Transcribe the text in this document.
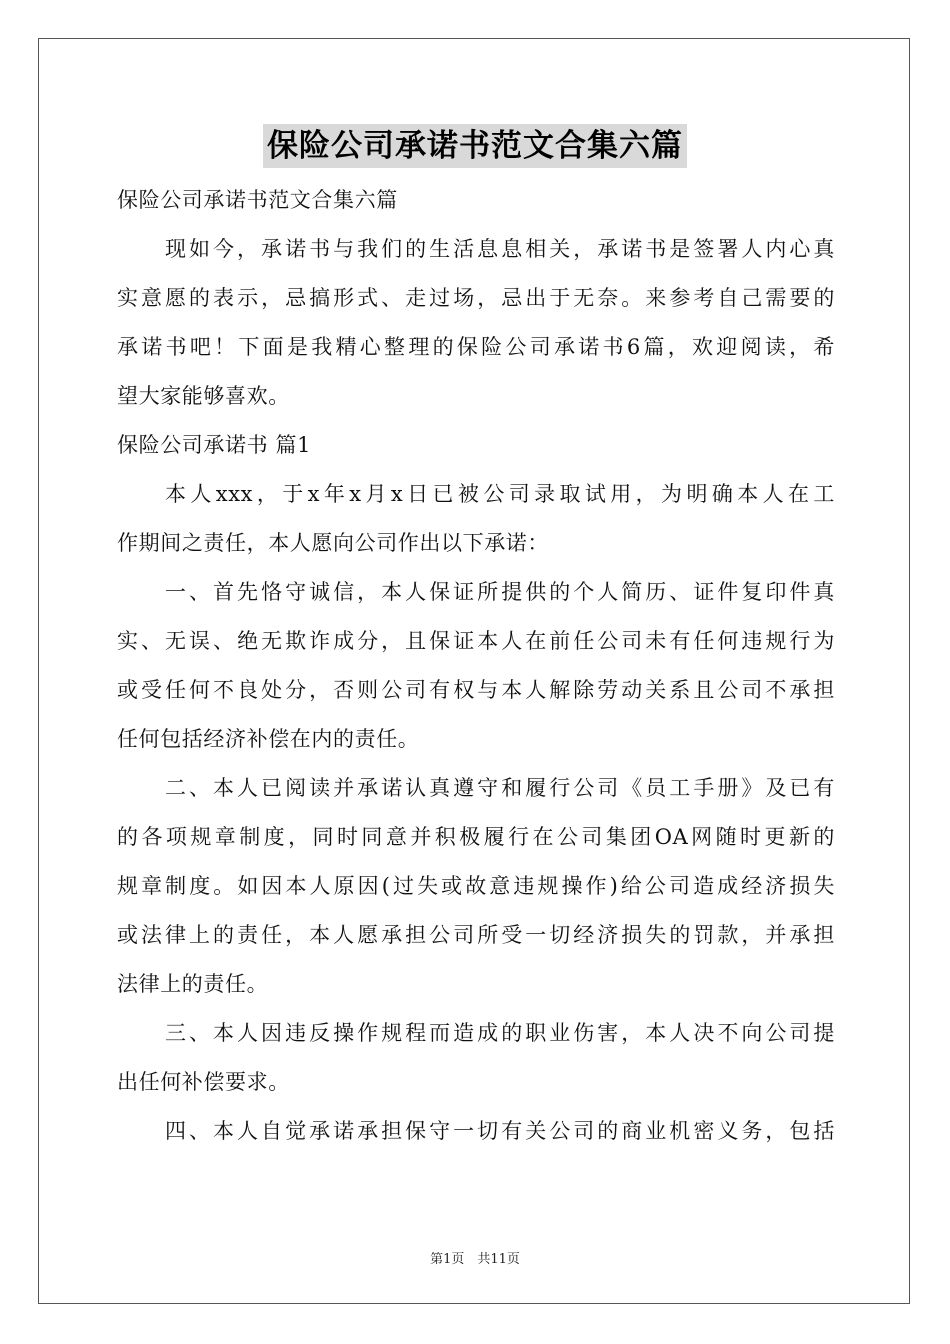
保险公司承诺书范文合集六篇

保险公司承诺书范文合集六篇

现如今，承诺书与我们的生活息息相关，承诺书是签署人内心真

实意愿的表示，忌搞形式、走过场，忌出于无奈。来参考自己需要的

承诺书吧！下面是我精心整理的保险公司承诺书6篇，欢迎阅读，希

望大家能够喜欢。

保险公司承诺书 篇1

本人xxx，于x年x月x日已被公司录取试用，为明确本人在工

作期间之责任，本人愿向公司作出以下承诺：

一、首先恪守诚信，本人保证所提供的个人简历、证件复印件真

实、无误、绝无欺诈成分，且保证本人在前任公司未有任何违规行为

或受任何不良处分，否则公司有权与本人解除劳动关系且公司不承担

任何包括经济补偿在内的责任。

二、本人已阅读并承诺认真遵守和履行公司《员工手册》及已有

的各项规章制度，同时同意并积极履行在公司集团OA网随时更新的

规章制度。如因本人原因(过失或故意违规操作)给公司造成经济损失

或法律上的责任，本人愿承担公司所受一切经济损失的罚款，并承担

法律上的责任。

三、本人因违反操作规程而造成的职业伤害，本人决不向公司提

出任何补偿要求。

四、本人自觉承诺承担保守一切有关公司的商业机密义务，包括

第1页　共11页
